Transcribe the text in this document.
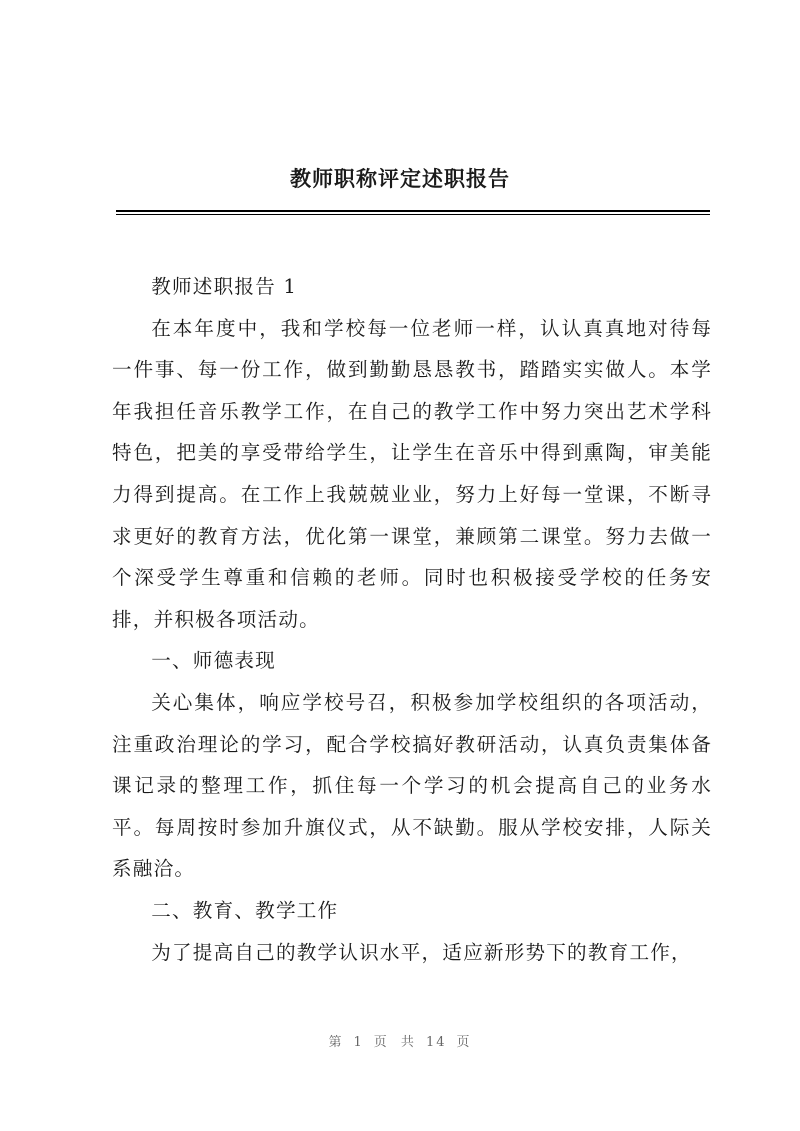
教师职称评定述职报告

教师述职报告 1

在本年度中，我和学校每一位老师一样，认认真真地对待每一件事、每一份工作，做到勤勤恳恳教书，踏踏实实做人。本学年我担任音乐教学工作，在自己的教学工作中努力突出艺术学科特色，把美的享受带给学生，让学生在音乐中得到熏陶，审美能力得到提高。在工作上我兢兢业业，努力上好每一堂课，不断寻求更好的教育方法，优化第一课堂，兼顾第二课堂。努力去做一个深受学生尊重和信赖的老师。同时也积极接受学校的任务安排，并积极各项活动。

一、师德表现

关心集体，响应学校号召，积极参加学校组织的各项活动，注重政治理论的学习，配合学校搞好教研活动，认真负责集体备课记录的整理工作，抓住每一个学习的机会提高自己的业务水平。每周按时参加升旗仪式，从不缺勤。服从学校安排，人际关系融洽。

二、教育、教学工作

为了提高自己的教学认识水平，适应新形势下的教育工作，

第 1 页 共 14 页
